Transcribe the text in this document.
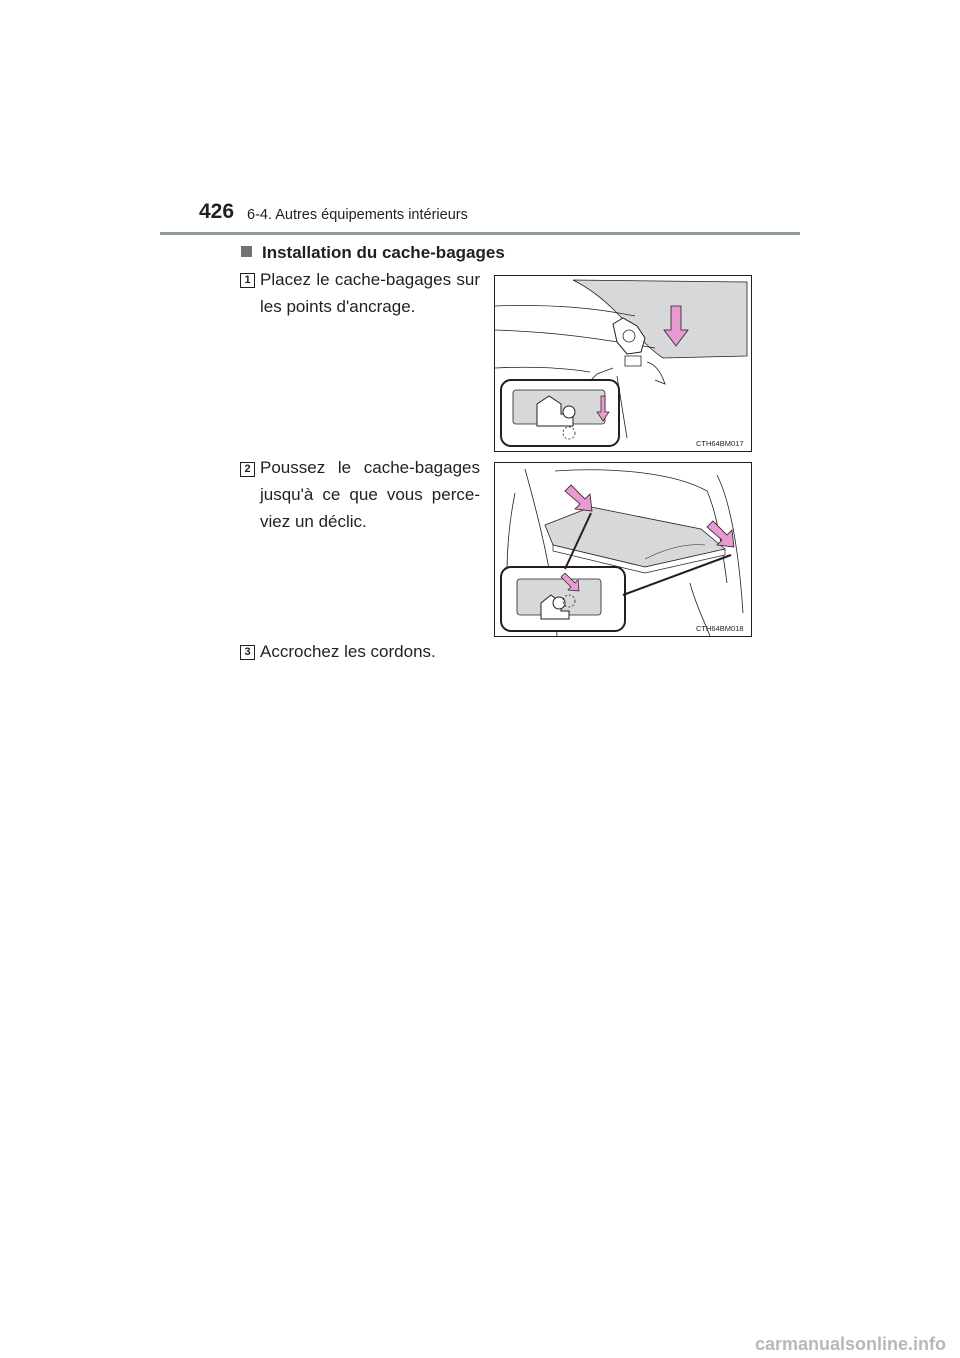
426 6-4. Autres équipements intérieurs
Installation du cache-bagages
1 Placez le cache-bagages sur les points d'ancrage.
CTH64BM017
2 Poussez le cache-bagages jusqu'à ce que vous perce-viez un déclic.
CTH64BM018
3 Accrochez les cordons.
carmanualsonline.info
